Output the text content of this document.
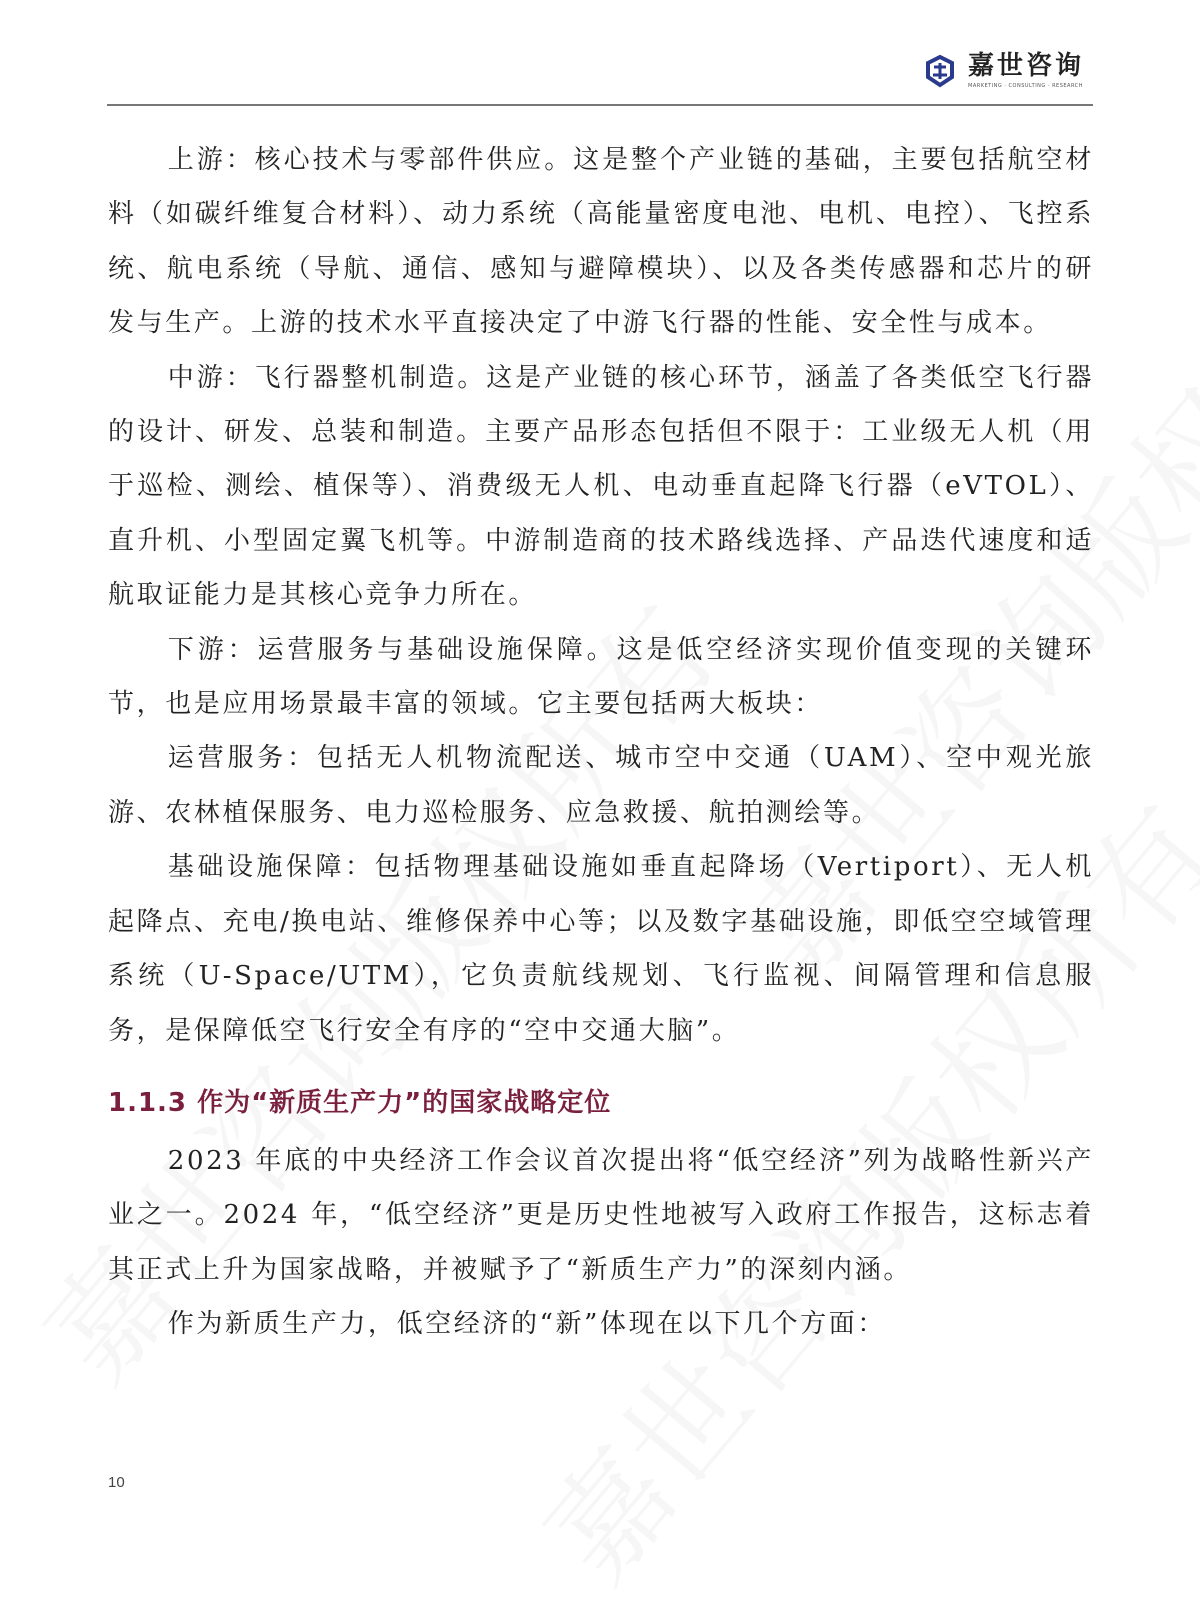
嘉世咨询
MARKETING · CONSULTING · RESEARCH

上游：核心技术与零部件供应。这是整个产业链的基础，主要包括航空材料（如碳纤维复合材料）、动力系统（高能量密度电池、电机、电控）、飞控系统、航电系统（导航、通信、感知与避障模块）、以及各类传感器和芯片的研发与生产。上游的技术水平直接决定了中游飞行器的性能、安全性与成本。

中游：飞行器整机制造。这是产业链的核心环节，涵盖了各类低空飞行器的设计、研发、总装和制造。主要产品形态包括但不限于：工业级无人机（用于巡检、测绘、植保等）、消费级无人机、电动垂直起降飞行器（eVTOL）、直升机、小型固定翼飞机等。中游制造商的技术路线选择、产品迭代速度和适航取证能力是其核心竞争力所在。

下游：运营服务与基础设施保障。这是低空经济实现价值变现的关键环节，也是应用场景最丰富的领域。它主要包括两大板块：

运营服务：包括无人机物流配送、城市空中交通（UAM）、空中观光旅游、农林植保服务、电力巡检服务、应急救援、航拍测绘等。

基础设施保障：包括物理基础设施如垂直起降场（Vertiport）、无人机起降点、充电/换电站、维修保养中心等；以及数字基础设施，即低空空域管理系统（U-Space/UTM），它负责航线规划、飞行监视、间隔管理和信息服务，是保障低空飞行安全有序的“空中交通大脑”。

1.1.3 作为“新质生产力”的国家战略定位

2023 年底的中央经济工作会议首次提出将“低空经济”列为战略性新兴产业之一。2024 年，“低空经济”更是历史性地被写入政府工作报告，这标志着其正式上升为国家战略，并被赋予了“新质生产力”的深刻内涵。

作为新质生产力，低空经济的“新”体现在以下几个方面：

10
